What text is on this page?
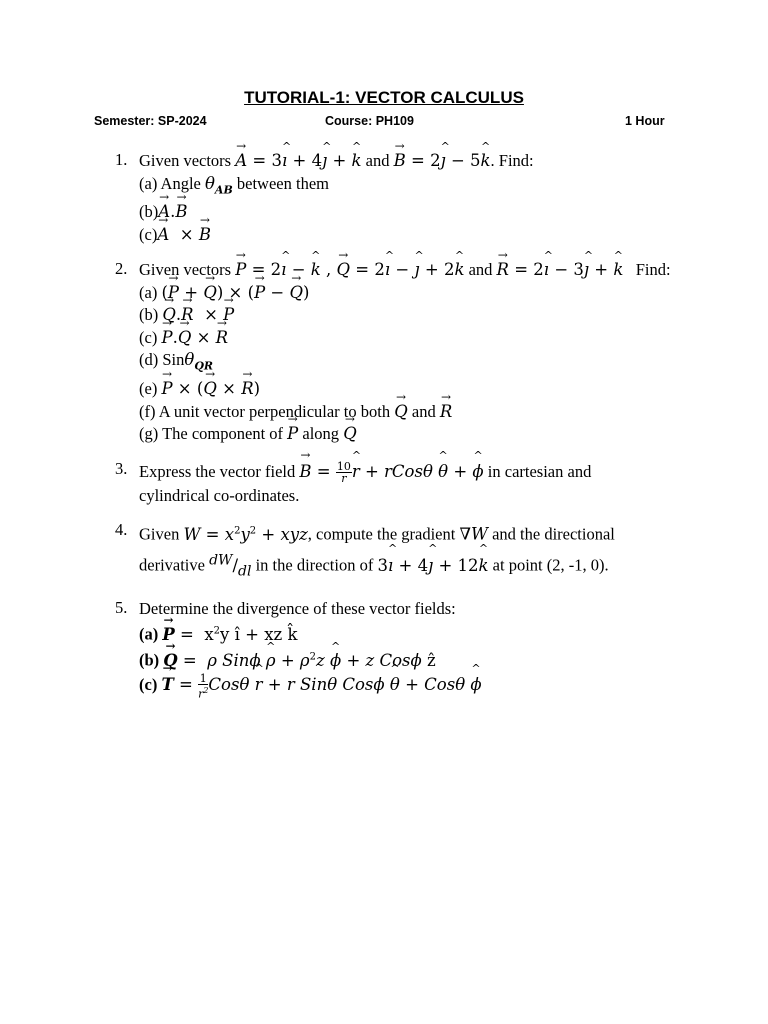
TUTORIAL-1: VECTOR CALCULUS
Semester: SP-2024	Course: PH109	1 Hour
1. Given vectors A → = 3ı ^ + 4ȷ ^ + k ^ and B → = 2ȷ ^ − 5k ^. Find:
(a) Angle $\theta_{AB}$ between them
(b)A →.B →
(c)A →  × B →
2. Given vectors P → = 2ı ^ − k ^ , Q → = 2ı ^ − ȷ ^ + 2k ^ and R → = 2ı ^ − 3ȷ ^ + k ^ Find:
(a) (P → + Q →) × (P → − Q →)
(b) Q →.R →  × P →
(c) P →.Q → × R →
(d) Sinθ$_{QR}$
(e) P → × (Q → × R →)
(f) A unit vector perpendicular to both Q → and R →
(g) The component of P → along Q →
3. Express the vector field B → = $\frac{10}{r}$ r ^ + rCosθ θ ^ + ϕ ^ in cartesian and
cylindrical co-ordinates.
4. Given $W = x^2y^2$ + xyz, compute the gradient ∇W and the directional
derivative $^{dW}/_{dl}$ in the direction of 3ı ^ + 4ȷ ^ + 12k ^ at point (2, -1, 0).
5. Determine the divergence of these vector fields:
(a) P → =  $x^2y$ î + xz k̂
(b) Q → =  ρ Sinϕ ρ ^ + $\rho^2z$ ϕ ^ + z Cosϕ ẑ
(c) T → = $\frac{1}{r^2}$ Cosθ r ^ + r Sinθ Cosϕ θ ^ + Cosθ ϕ ^
